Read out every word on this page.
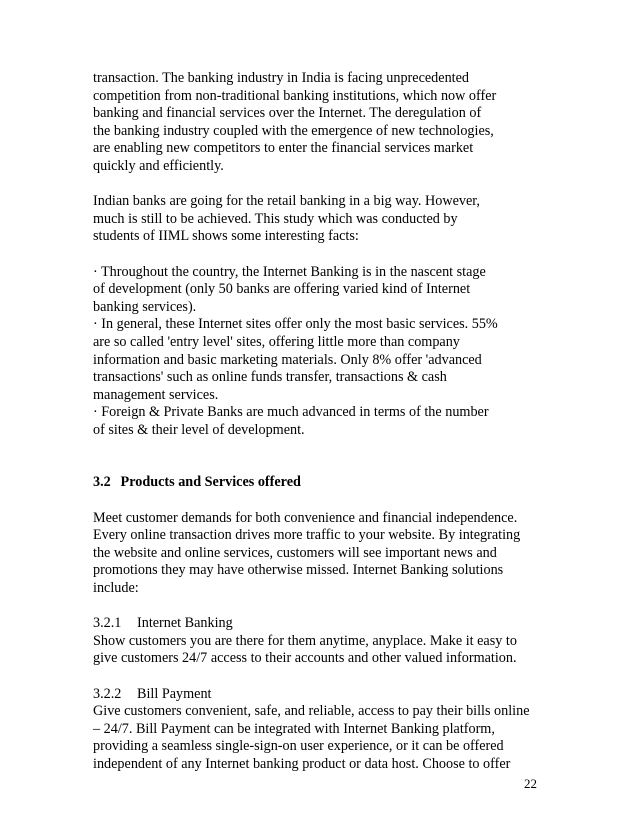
transaction. The banking industry in India is facing unprecedented
competition from non-traditional banking institutions, which now offer
banking and financial services over the Internet. The deregulation of
the banking industry coupled with the emergence of new technologies,
are enabling new competitors to enter the financial services market
quickly and efficiently.

Indian banks are going for the retail banking in a big way. However,
much is still to be achieved. This study which was conducted by
students of IIML shows some interesting facts:

· Throughout the country, the Internet Banking is in the nascent stage
of development (only 50 banks are offering varied kind of Internet
banking services).
· In general, these Internet sites offer only the most basic services. 55%
are so called 'entry level' sites, offering little more than company
information and basic marketing materials. Only 8% offer 'advanced
transactions' such as online funds transfer, transactions & cash
management services.
· Foreign & Private Banks are much advanced in terms of the number
of sites & their level of development.

3.2 Products and Services offered

Meet customer demands for both convenience and financial independence.
Every online transaction drives more traffic to your website. By integrating
the website and online services, customers will see important news and
promotions they may have otherwise missed. Internet Banking solutions
include:

3.2.1 Internet Banking
Show customers you are there for them anytime, anyplace. Make it easy to
give customers 24/7 access to their accounts and other valued information.

3.2.2 Bill Payment
Give customers convenient, safe, and reliable, access to pay their bills online
– 24/7. Bill Payment can be integrated with Internet Banking platform,
providing a seamless single-sign-on user experience, or it can be offered
independent of any Internet banking product or data host. Choose to offer

22
